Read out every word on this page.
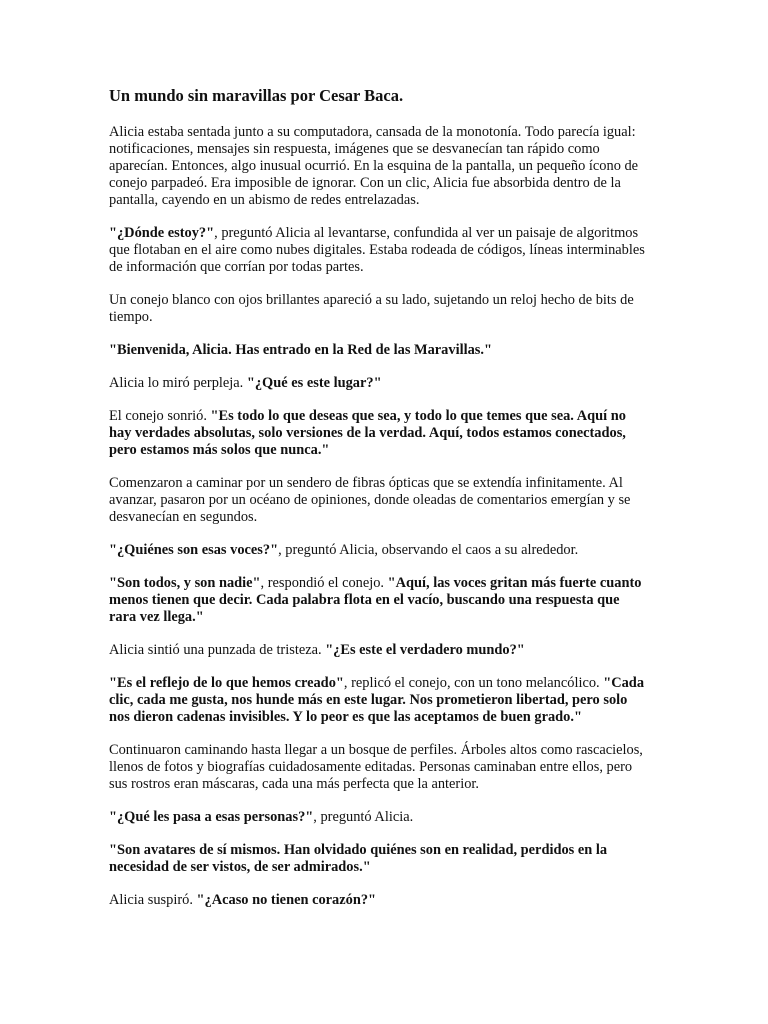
Un mundo sin maravillas por Cesar Baca.

Alicia estaba sentada junto a su computadora, cansada de la monotonía. Todo parecía igual: notificaciones, mensajes sin respuesta, imágenes que se desvanecían tan rápido como aparecían. Entonces, algo inusual ocurrió. En la esquina de la pantalla, un pequeño ícono de conejo parpadeó. Era imposible de ignorar. Con un clic, Alicia fue absorbida dentro de la pantalla, cayendo en un abismo de redes entrelazadas.

"¿Dónde estoy?", preguntó Alicia al levantarse, confundida al ver un paisaje de algoritmos que flotaban en el aire como nubes digitales. Estaba rodeada de códigos, líneas interminables de información que corrían por todas partes.

Un conejo blanco con ojos brillantes apareció a su lado, sujetando un reloj hecho de bits de tiempo.

"Bienvenida, Alicia. Has entrado en la Red de las Maravillas."

Alicia lo miró perpleja. "¿Qué es este lugar?"

El conejo sonrió. "Es todo lo que deseas que sea, y todo lo que temes que sea. Aquí no hay verdades absolutas, solo versiones de la verdad. Aquí, todos estamos conectados, pero estamos más solos que nunca."

Comenzaron a caminar por un sendero de fibras ópticas que se extendía infinitamente. Al avanzar, pasaron por un océano de opiniones, donde oleadas de comentarios emergían y se desvanecían en segundos.

"¿Quiénes son esas voces?", preguntó Alicia, observando el caos a su alrededor.

"Son todos, y son nadie", respondió el conejo. "Aquí, las voces gritan más fuerte cuanto menos tienen que decir. Cada palabra flota en el vacío, buscando una respuesta que rara vez llega."

Alicia sintió una punzada de tristeza. "¿Es este el verdadero mundo?"

"Es el reflejo de lo que hemos creado", replicó el conejo, con un tono melancólico. "Cada clic, cada me gusta, nos hunde más en este lugar. Nos prometieron libertad, pero solo nos dieron cadenas invisibles. Y lo peor es que las aceptamos de buen grado."

Continuaron caminando hasta llegar a un bosque de perfiles. Árboles altos como rascacielos, llenos de fotos y biografías cuidadosamente editadas. Personas caminaban entre ellos, pero sus rostros eran máscaras, cada una más perfecta que la anterior.

"¿Qué les pasa a esas personas?", preguntó Alicia.

"Son avatares de sí mismos. Han olvidado quiénes son en realidad, perdidos en la necesidad de ser vistos, de ser admirados."

Alicia suspiró. "¿Acaso no tienen corazón?"
